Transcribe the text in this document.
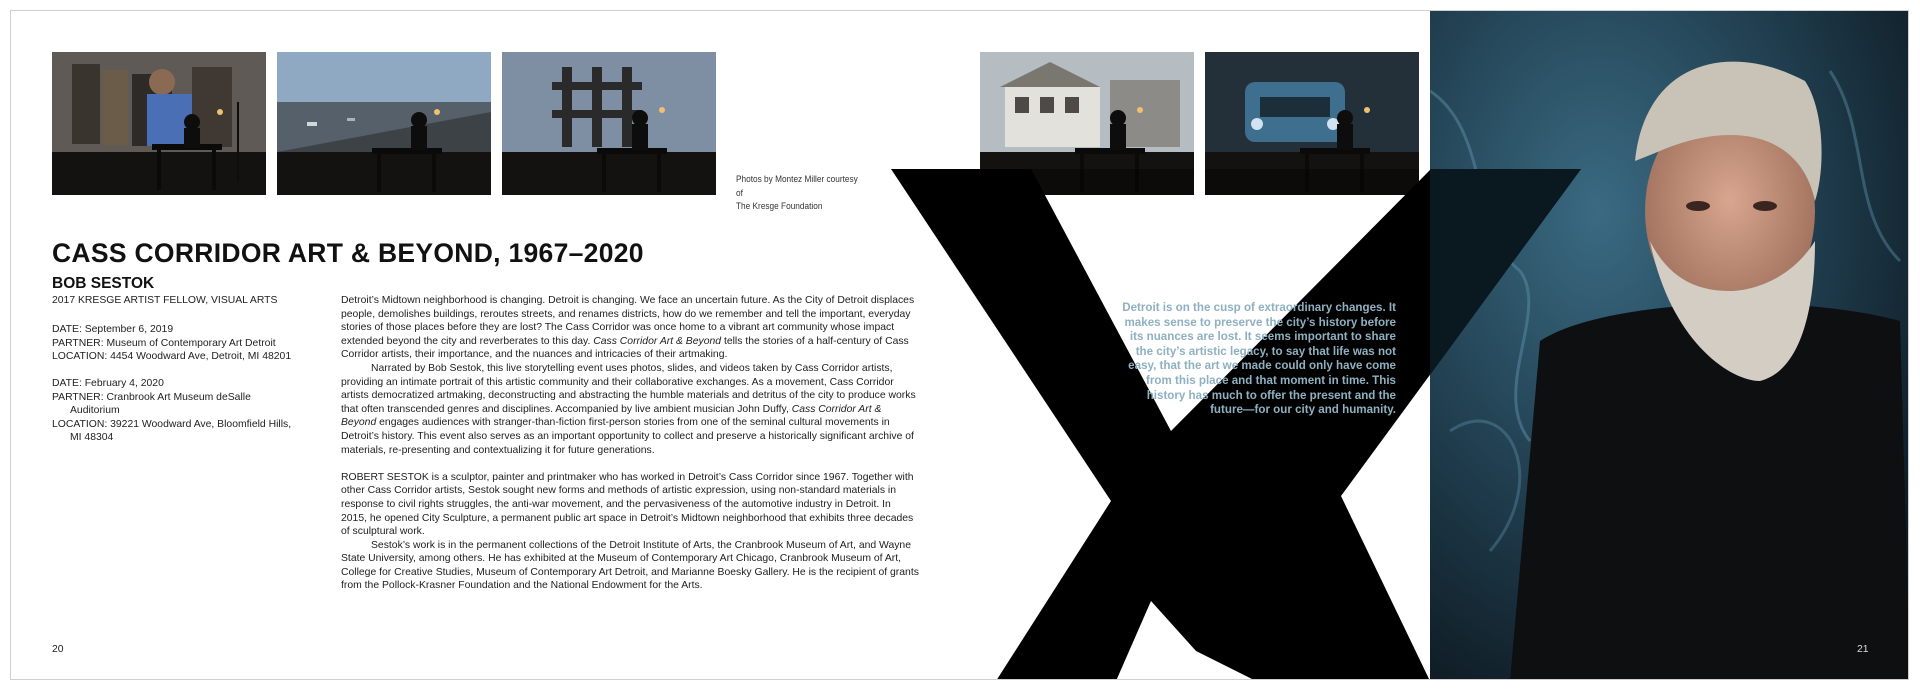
Photos by Montez Miller courtesy of
The Kresge Foundation
CASS CORRIDOR ART & BEYOND, 1967–2020
BOB SESTOK
2017 KRESGE ARTIST FELLOW, VISUAL ARTS
DATE: September 6, 2019
PARTNER: Museum of Contemporary Art Detroit
LOCATION: 4454 Woodward Ave, Detroit, MI 48201
DATE: February 4, 2020
PARTNER: Cranbrook Art Museum deSalle
Auditorium
LOCATION: 39221 Woodward Ave, Bloomfield Hills,
MI 48304

Detroit’s Midtown neighborhood is changing. Detroit is changing. We face an uncertain future. As the City of Detroit displaces people, demolishes buildings, reroutes streets, and renames districts, how do we remember and tell the important, everyday stories of those places before they are lost? The Cass Corridor was once home to a vibrant art community whose impact extended beyond the city and reverberates to this day. Cass Corridor Art & Beyond tells the stories of a half-century of Cass Corridor artists, their importance, and the nuances and intricacies of their artmaking.

Narrated by Bob Sestok, this live storytelling event uses photos, slides, and videos taken by Cass Corridor artists, providing an intimate portrait of this artistic community and their collaborative exchanges. As a movement, Cass Corridor artists democratized artmaking, deconstructing and abstracting the humble materials and detritus of the city to produce works that often transcended genres and disciplines. Accompanied by live ambient musician John Duffy, Cass Corridor Art & Beyond engages audiences with stranger-than-fiction first-person stories from one of the seminal cultural movements in Detroit’s history. This event also serves as an important opportunity to collect and preserve a historically significant archive of materials, re-presenting and contextualizing it for future generations.

ROBERT SESTOK is a sculptor, painter and printmaker who has worked in Detroit’s Cass Corridor since 1967. Together with other Cass Corridor artists, Sestok sought new forms and methods of artistic expression, using non-standard materials in response to civil rights struggles, the anti-war movement, and the pervasiveness of the automotive industry in Detroit. In 2015, he opened City Sculpture, a permanent public art space in Detroit’s Midtown neighborhood that exhibits three decades of sculptural work.

Sestok’s work is in the permanent collections of the Detroit Institute of Arts, the Cranbrook Museum of Art, and Wayne State University, among others. He has exhibited at the Museum of Contemporary Art Chicago, Cranbrook Museum of Art, College for Creative Studies, Museum of Contemporary Art Detroit, and Marianne Boesky Gallery. He is the recipient of grants from the Pollock-Krasner Foundation and the National Endowment for the Arts.

20
Detroit is on the cusp of extraordinary changes. It makes sense to preserve the city’s history before its nuances are lost. It seems important to share the city’s artistic legacy, to say that life was not easy, that the art we made could only have come from this place and that moment in time. This history has much to offer the present and the future—for our city and humanity.
21
